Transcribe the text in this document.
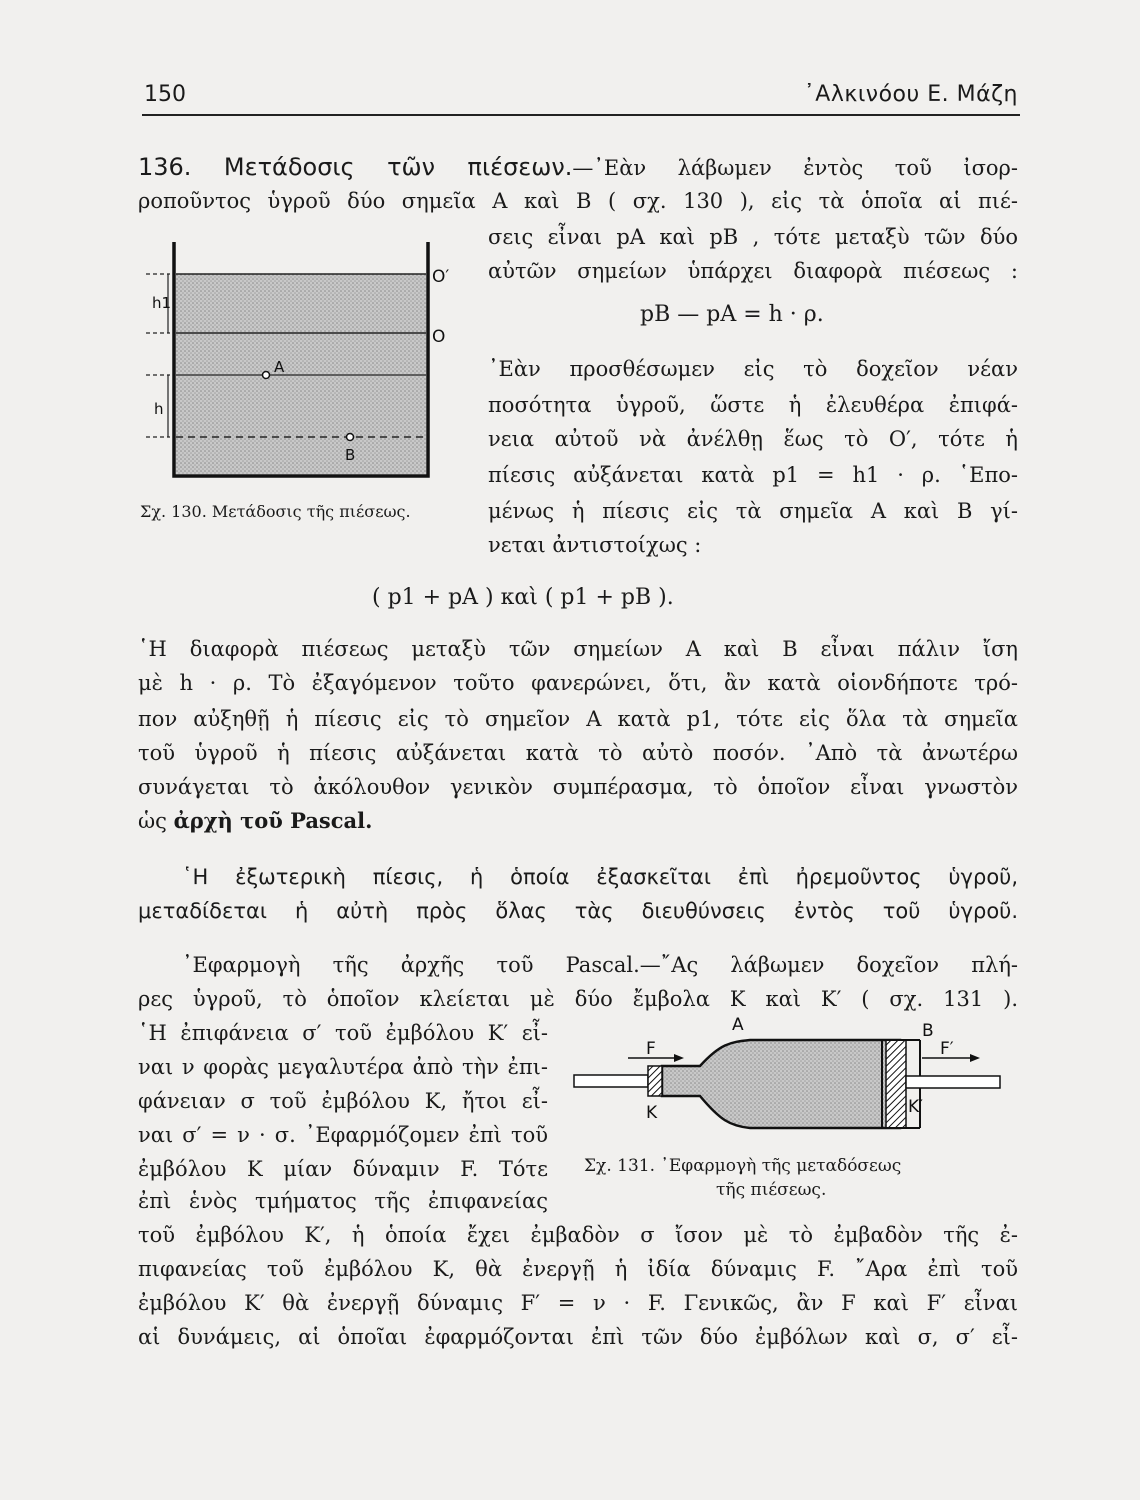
150	᾿Αλκινόου Ε. Μάζη
136. Μετάδοσις τῶν πιέσεων.—᾿Εὰν λάβωμεν ἐντὸς τοῦ ἰσορ-
ροποῦντος ὑγροῦ δύο σημεῖα Α καὶ Β ( σχ. 130 ), εἰς τὰ ὁποῖα αἱ πιέ-
σεις εἶναι pA καὶ pB , τότε μεταξὺ τῶν δύο
αὐτῶν σημείων ὑπάρχει διαφορὰ πιέσεως :
pB — pA = h · ρ.
᾿Εὰν προσθέσωμεν εἰς τὸ δοχεῖον νέαν
ποσότητα ὑγροῦ, ὥστε ἡ ἐλευθέρα ἐπιφά-
νεια αὐτοῦ νὰ ἀνέλθῃ ἕως τὸ Ο′, τότε ἡ
πίεσις αὐξάνεται κατὰ p1 = h1 · ρ. ῾Επο-
μένως ἡ πίεσις εἰς τὰ σημεῖα Α καὶ Β γί-
νεται ἀντιστοίχως :
O′
O
A
B
h1
h
Σχ. 130. Μετάδοσις τῆς πιέσεως.
( p1 + pA ) καὶ ( p1 + pB ).
῾Η διαφορὰ πιέσεως μεταξὺ τῶν σημείων Α καὶ Β εἶναι πάλιν ἴση
μὲ h · ρ. Τὸ ἐξαγόμενον τοῦτο φανερώνει, ὅτι, ἂν κατὰ οἱονδήποτε τρό-
πον αὐξηθῇ ἡ πίεσις εἰς τὸ σημεῖον Α κατὰ p1, τότε εἰς ὅλα τὰ σημεῖα
τοῦ ὑγροῦ ἡ πίεσις αὐξάνεται κατὰ τὸ αὐτὸ ποσόν. ᾿Απὸ τὰ ἀνωτέρω
συνάγεται τὸ ἀκόλουθον γενικὸν συμπέρασμα, τὸ ὁποῖον εἶναι γνωστὸν
ὡς ἀρχὴ τοῦ Pascal.
῾Η ἐξωτερικὴ πίεσις, ἡ ὁποία ἐξασκεῖται ἐπὶ ἠρεμοῦντος ὑγροῦ,
μεταδίδεται ἡ αὐτὴ πρὸς ὅλας τὰς διευθύνσεις ἐντὸς τοῦ ὑγροῦ.
᾿Εφαρμογὴ τῆς ἀρχῆς τοῦ Pascal.—῎Ας λάβωμεν δοχεῖον πλή-
ρες ὑγροῦ, τὸ ὁποῖον κλείεται μὲ δύο ἔμβολα Κ καὶ Κ′ ( σχ. 131 ).
῾Η ἐπιφάνεια σ′ τοῦ ἐμβόλου Κ′ εἶ-
ναι ν φορὰς μεγαλυτέρα ἀπὸ τὴν ἐπι-
φάνειαν σ τοῦ ἐμβόλου Κ, ἤτοι εἶ-
ναι σ′ = ν · σ. ᾿Εφαρμόζομεν ἐπὶ τοῦ
ἐμβόλου Κ μίαν δύναμιν F. Τότε
ἐπὶ ἑνὸς τμήματος τῆς ἐπιφανείας
A	B
F	F′
K	K′
Σχ. 131. ᾿Εφαρμογὴ τῆς μεταδόσεως
τῆς πιέσεως.
τοῦ ἐμβόλου Κ′, ἡ ὁποία ἔχει ἐμβαδὸν σ ἴσον μὲ τὸ ἐμβαδὸν τῆς ἐ-
πιφανείας τοῦ ἐμβόλου Κ, θὰ ἐνεργῇ ἡ ἰδία δύναμις F. ῎Αρα ἐπὶ τοῦ
ἐμβόλου Κ′ θὰ ἐνεργῇ δύναμις F′ = ν · F. Γενικῶς, ἂν F καὶ F′ εἶναι
αἱ δυνάμεις, αἱ ὁποῖαι ἐφαρμόζονται ἐπὶ τῶν δύο ἐμβόλων καὶ σ, σ′ εἶ-
